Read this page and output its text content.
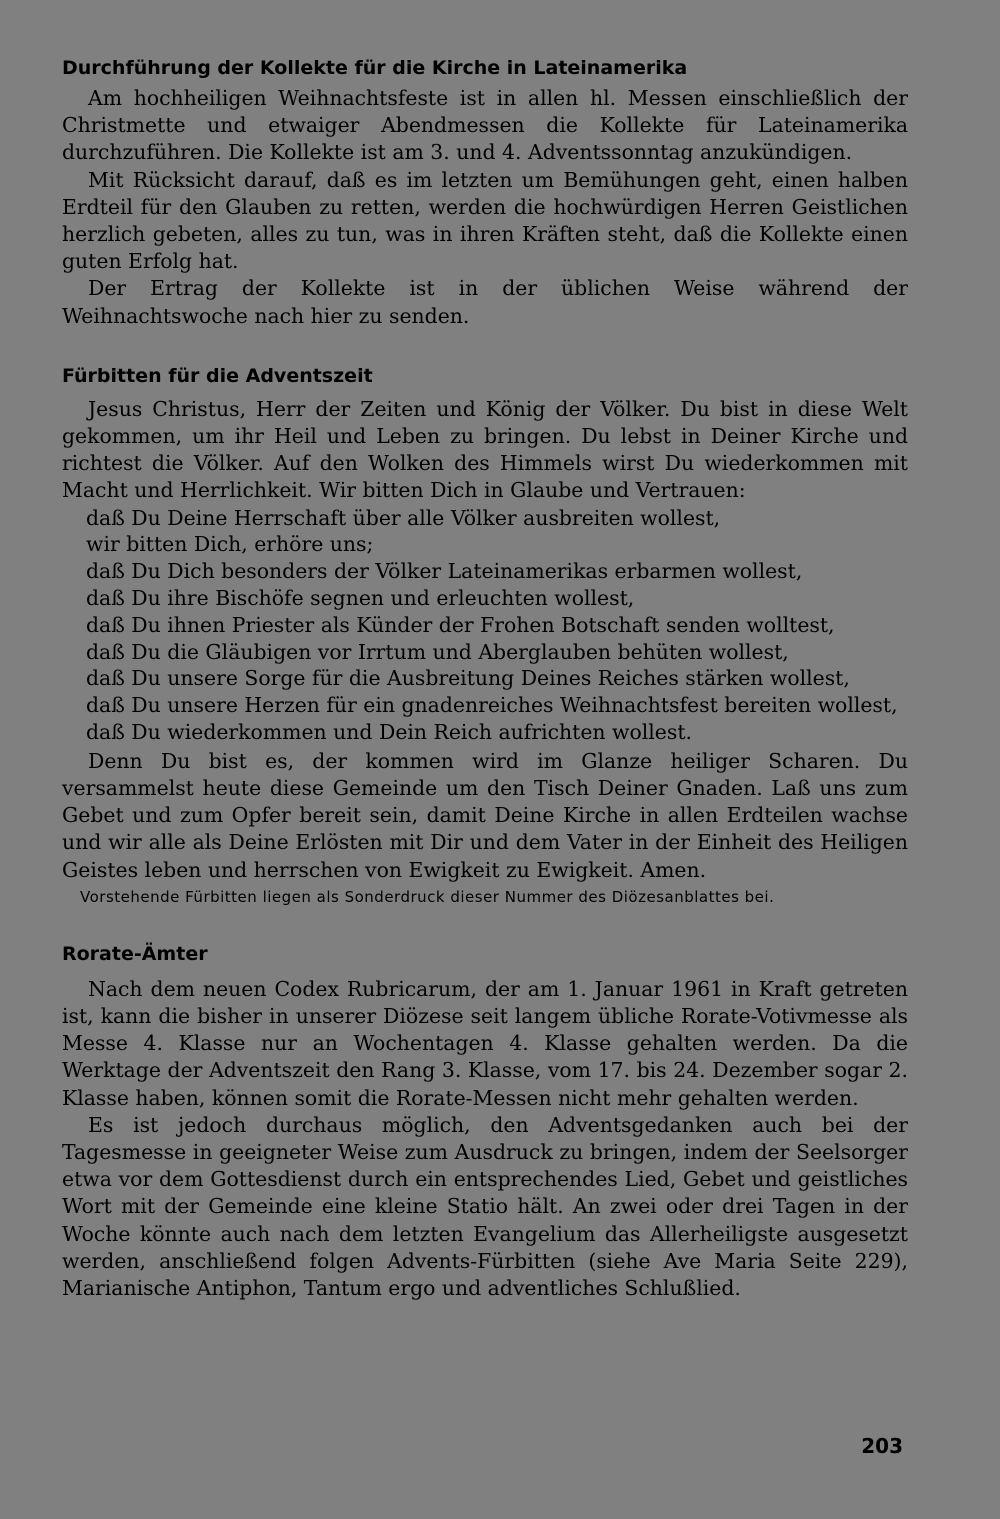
Durchführung der Kollekte für die Kirche in Lateinamerika

Am hochheiligen Weihnachtsfeste ist in allen hl. Messen einschließlich der Christmette und etwaiger Abendmessen die Kollekte für Lateinamerika durchzuführen. Die Kollekte ist am 3. und 4. Adventssonntag anzukündigen.

Mit Rücksicht darauf, daß es im letzten um Bemühungen geht, einen halben Erdteil für den Glauben zu retten, werden die hochwürdigen Herren Geistlichen herzlich gebeten, alles zu tun, was in ihren Kräften steht, daß die Kollekte einen guten Erfolg hat.

Der Ertrag der Kollekte ist in der üblichen Weise während der Weihnachtswoche nach hier zu senden.

Fürbitten für die Adventszeit

Jesus Christus, Herr der Zeiten und König der Völker. Du bist in diese Welt gekommen, um ihr Heil und Leben zu bringen. Du lebst in Deiner Kirche und richtest die Völker. Auf den Wolken des Himmels wirst Du wiederkommen mit Macht und Herrlichkeit. Wir bitten Dich in Glaube und Vertrauen:

daß Du Deine Herrschaft über alle Völker ausbreiten wollest,
wir bitten Dich, erhöre uns;
daß Du Dich besonders der Völker Lateinamerikas erbarmen wollest,
daß Du ihre Bischöfe segnen und erleuchten wollest,
daß Du ihnen Priester als Künder der Frohen Botschaft senden wolltest,
daß Du die Gläubigen vor Irrtum und Aberglauben behüten wollest,
daß Du unsere Sorge für die Ausbreitung Deines Reiches stärken wollest,
daß Du unsere Herzen für ein gnadenreiches Weihnachtsfest bereiten wollest,
daß Du wiederkommen und Dein Reich aufrichten wollest.

Denn Du bist es, der kommen wird im Glanze heiliger Scharen. Du versammelst heute diese Gemeinde um den Tisch Deiner Gnaden. Laß uns zum Gebet und zum Opfer bereit sein, damit Deine Kirche in allen Erdteilen wachse und wir alle als Deine Erlösten mit Dir und dem Vater in der Einheit des Heiligen Geistes leben und herrschen von Ewigkeit zu Ewigkeit. Amen.

Vorstehende Fürbitten liegen als Sonderdruck dieser Nummer des Diözesanblattes bei.

Rorate-Ämter

Nach dem neuen Codex Rubricarum, der am 1. Januar 1961 in Kraft getreten ist, kann die bisher in unserer Diözese seit langem übliche Rorate-Votivmesse als Messe 4. Klasse nur an Wochentagen 4. Klasse gehalten werden. Da die Werktage der Adventszeit den Rang 3. Klasse, vom 17. bis 24. Dezember sogar 2. Klasse haben, können somit die Rorate-Messen nicht mehr gehalten werden.

Es ist jedoch durchaus möglich, den Adventsgedanken auch bei der Tagesmesse in geeigneter Weise zum Ausdruck zu bringen, indem der Seelsorger etwa vor dem Gottesdienst durch ein entsprechendes Lied, Gebet und geistliches Wort mit der Gemeinde eine kleine Statio hält. An zwei oder drei Tagen in der Woche könnte auch nach dem letzten Evangelium das Allerheiligste ausgesetzt werden, anschließend folgen Advents-Fürbitten (siehe Ave Maria Seite 229), Marianische Antiphon, Tantum ergo und adventliches Schlußlied.

203
